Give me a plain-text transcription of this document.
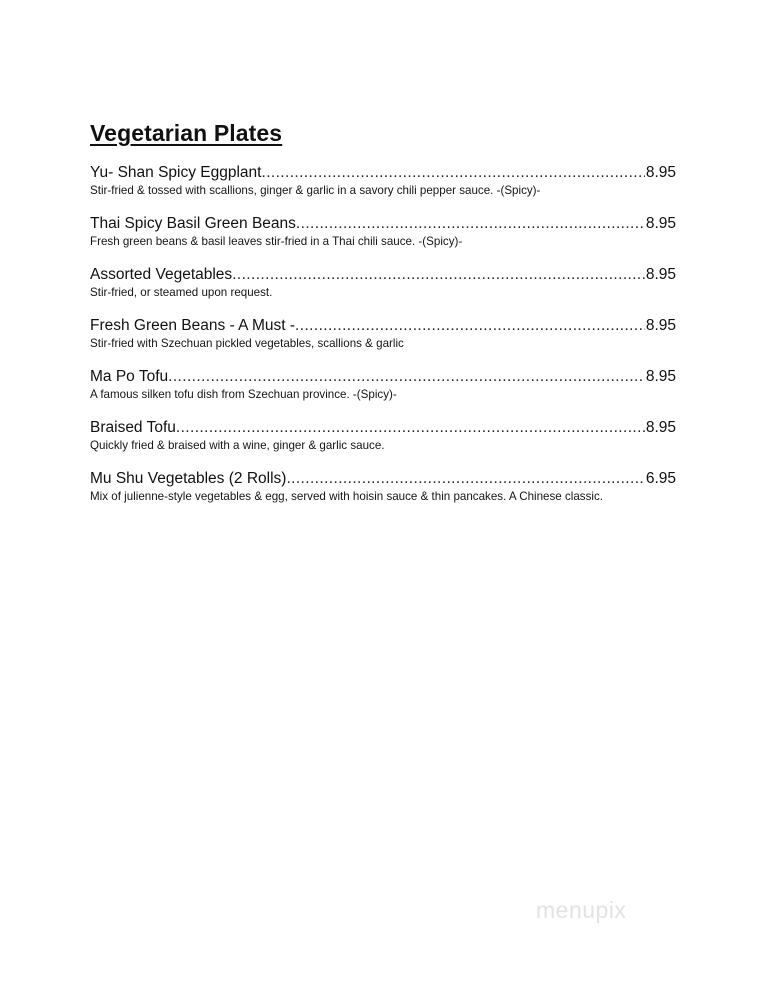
Vegetarian Plates
Yu- Shan Spicy Eggplant .....	8.95
Stir-fried & tossed with scallions, ginger & garlic in a savory chili pepper sauce. -(Spicy)-
Thai Spicy Basil Green Beans .....	8.95
Fresh green beans & basil leaves stir-fried in a Thai chili sauce. -(Spicy)-
Assorted Vegetables .....	8.95
Stir-fried, or steamed upon request.
Fresh Green Beans - A Must - .....	8.95
Stir-fried with Szechuan pickled vegetables, scallions & garlic
Ma Po Tofu .....	8.95
A famous silken tofu dish from Szechuan province. -(Spicy)-
Braised Tofu .....	8.95
Quickly fried & braised with a wine, ginger & garlic sauce.
Mu Shu Vegetables (2 Rolls) .....	6.95
Mix of julienne-style vegetables & egg, served with hoisin sauce & thin pancakes. A Chinese classic.
menupix
